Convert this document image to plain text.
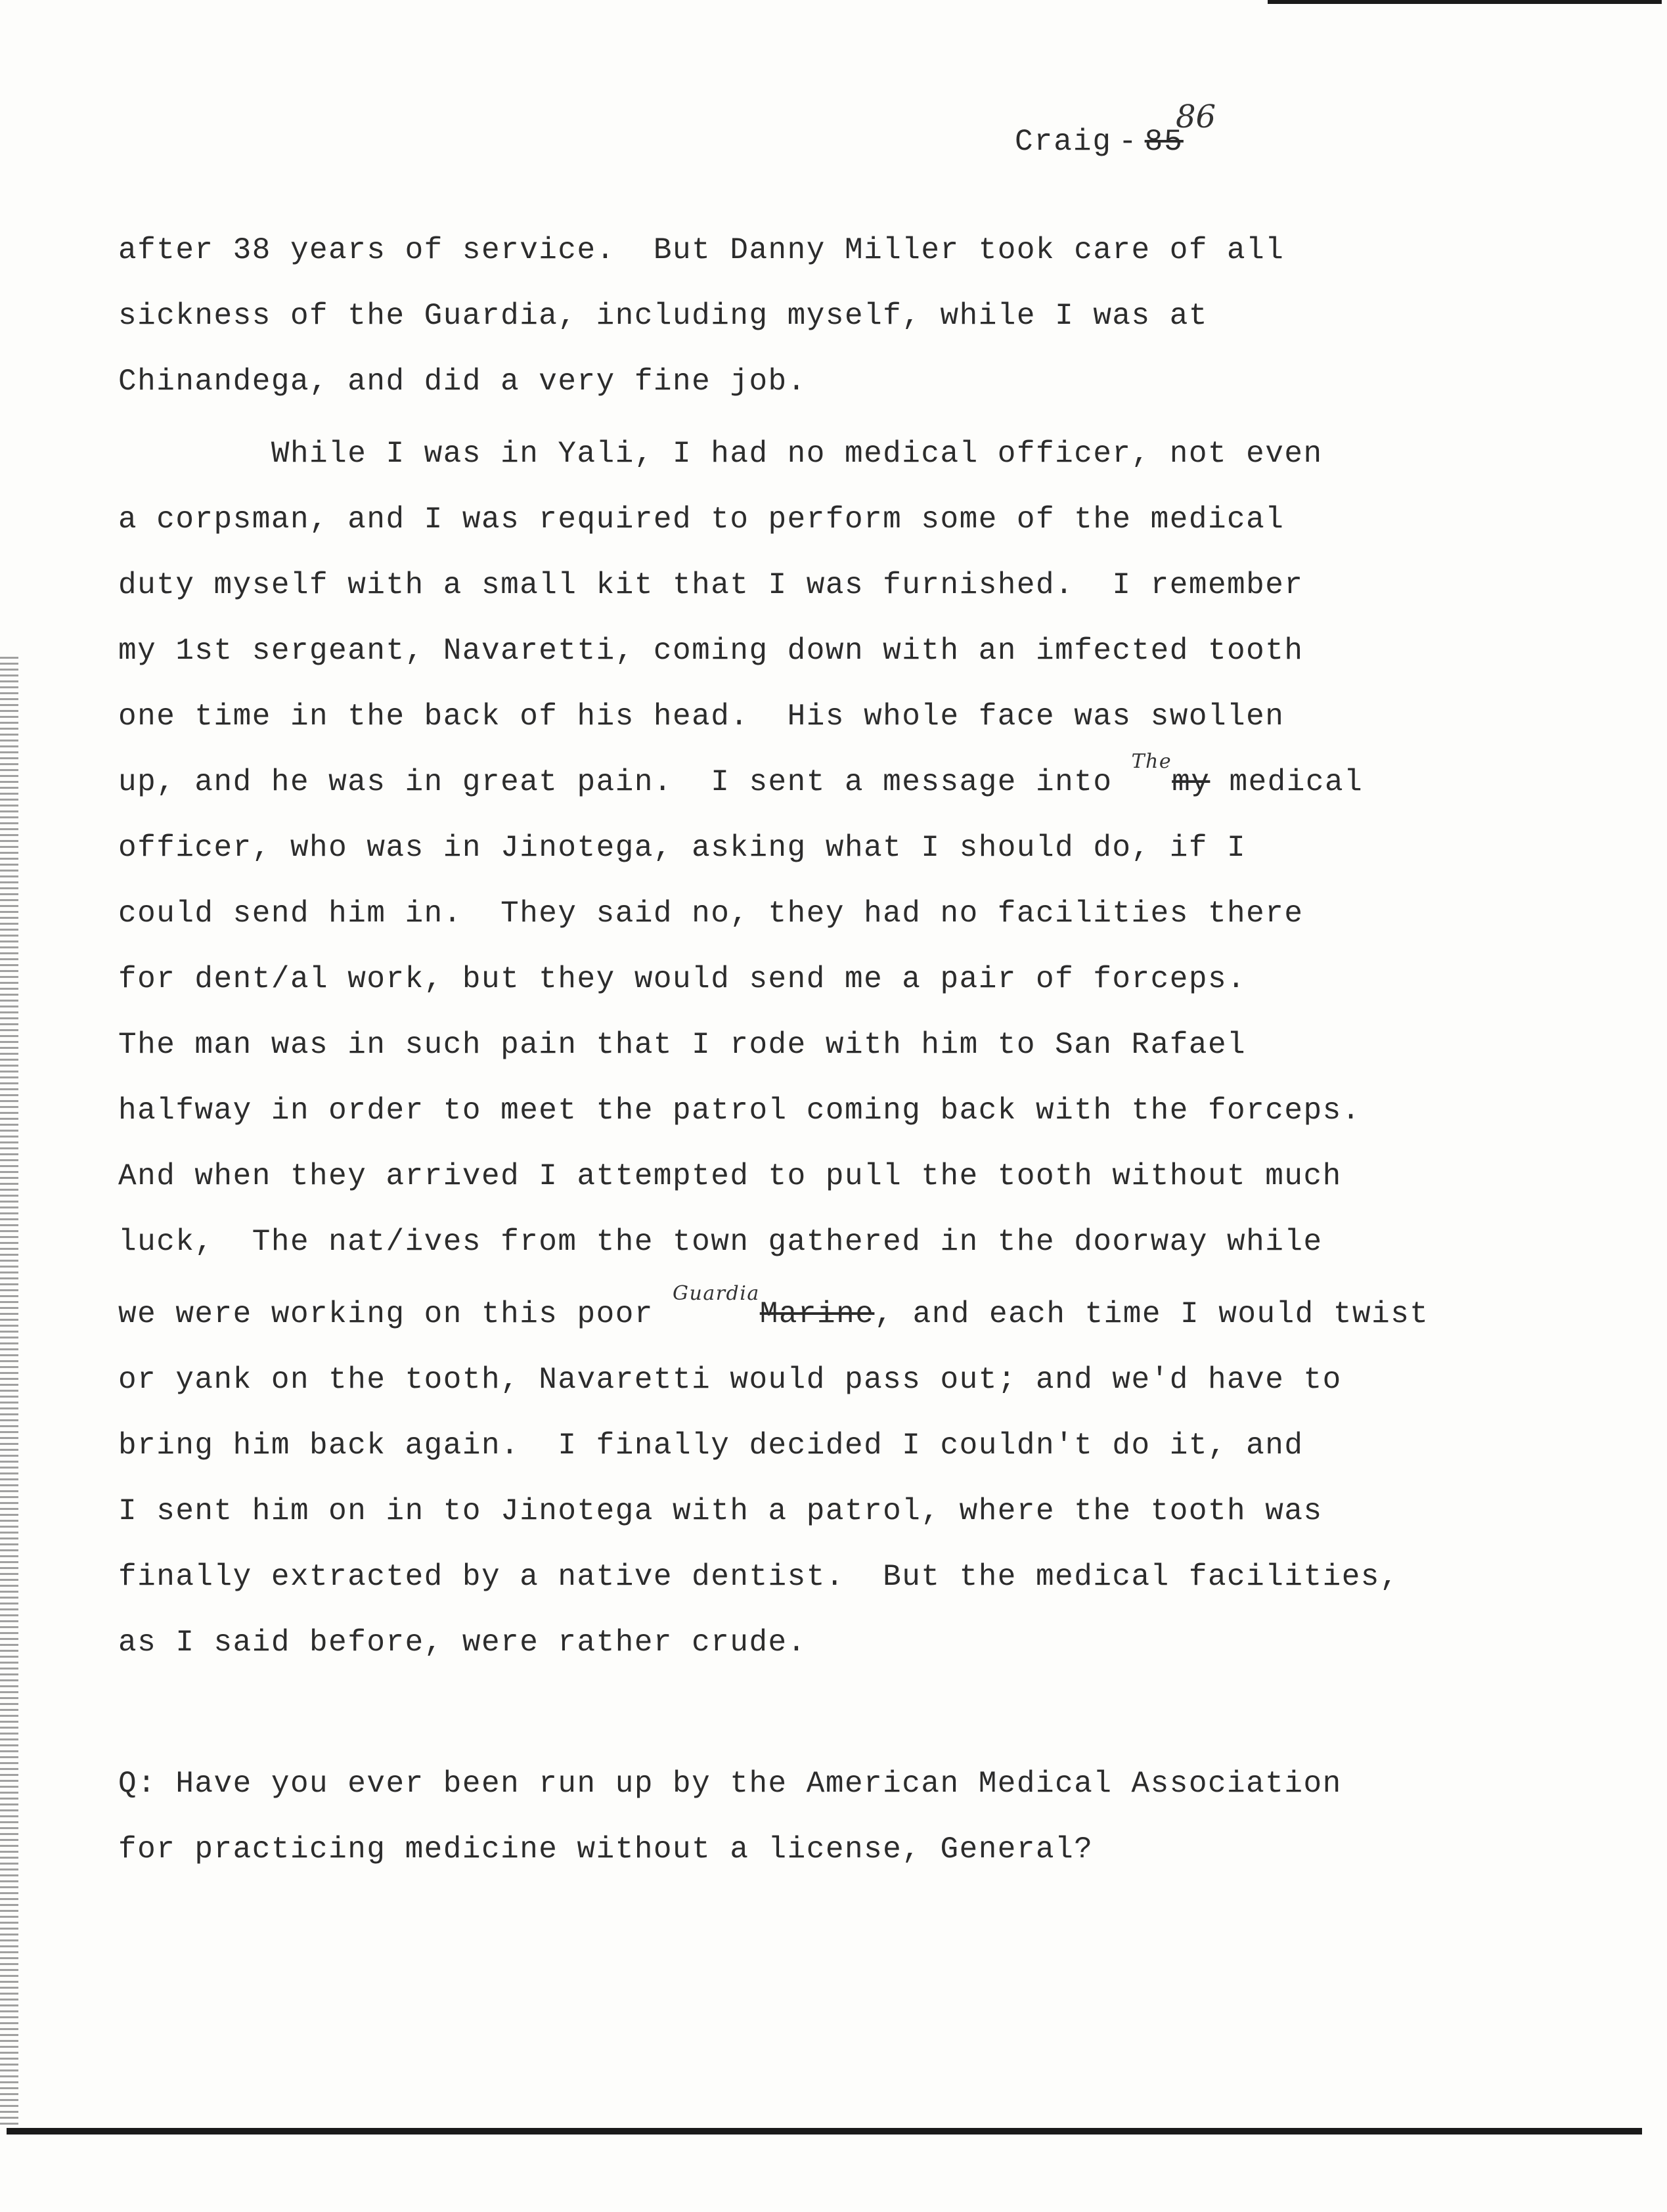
86
Craig - 85
after 38 years of service.  But Danny Miller took care of all
sickness of the Guardia, including myself, while I was at
Chinandega, and did a very fine job.
While I was in Yali, I had no medical officer, not even
a corpsman, and I was required to perform some of the medical
duty myself with a small kit that I was furnished.  I remember
my 1st sergeant, Navaretti, coming down with an imfected tooth
one time in the back of his head.  His whole face was swollen
up, and he was in great pain.  I sent a message into $^{The}$my medical
officer, who was in Jinotega, asking what I should do, if I
could send him in.  They said no, they had no facilities there
for dent/al work, but they would send me a pair of forceps.
The man was in such pain that I rode with him to San Rafael
halfway in order to meet the patrol coming back with the forceps.
And when they arrived I attempted to pull the tooth without much
luck,  The nat/ives from the town gathered in the doorway while
we were working on this poor $^{Guardia}$Marine, and each time I would twist
or yank on the tooth, Navaretti would pass out; and we'd have to
bring him back again.  I finally decided I couldn't do it, and
I sent him on in to Jinotega with a patrol, where the tooth was
finally extracted by a native dentist.  But the medical facilities,
as I said before, were rather crude.
Q: Have you ever been run up by the American Medical Association
for practicing medicine without a license, General?
